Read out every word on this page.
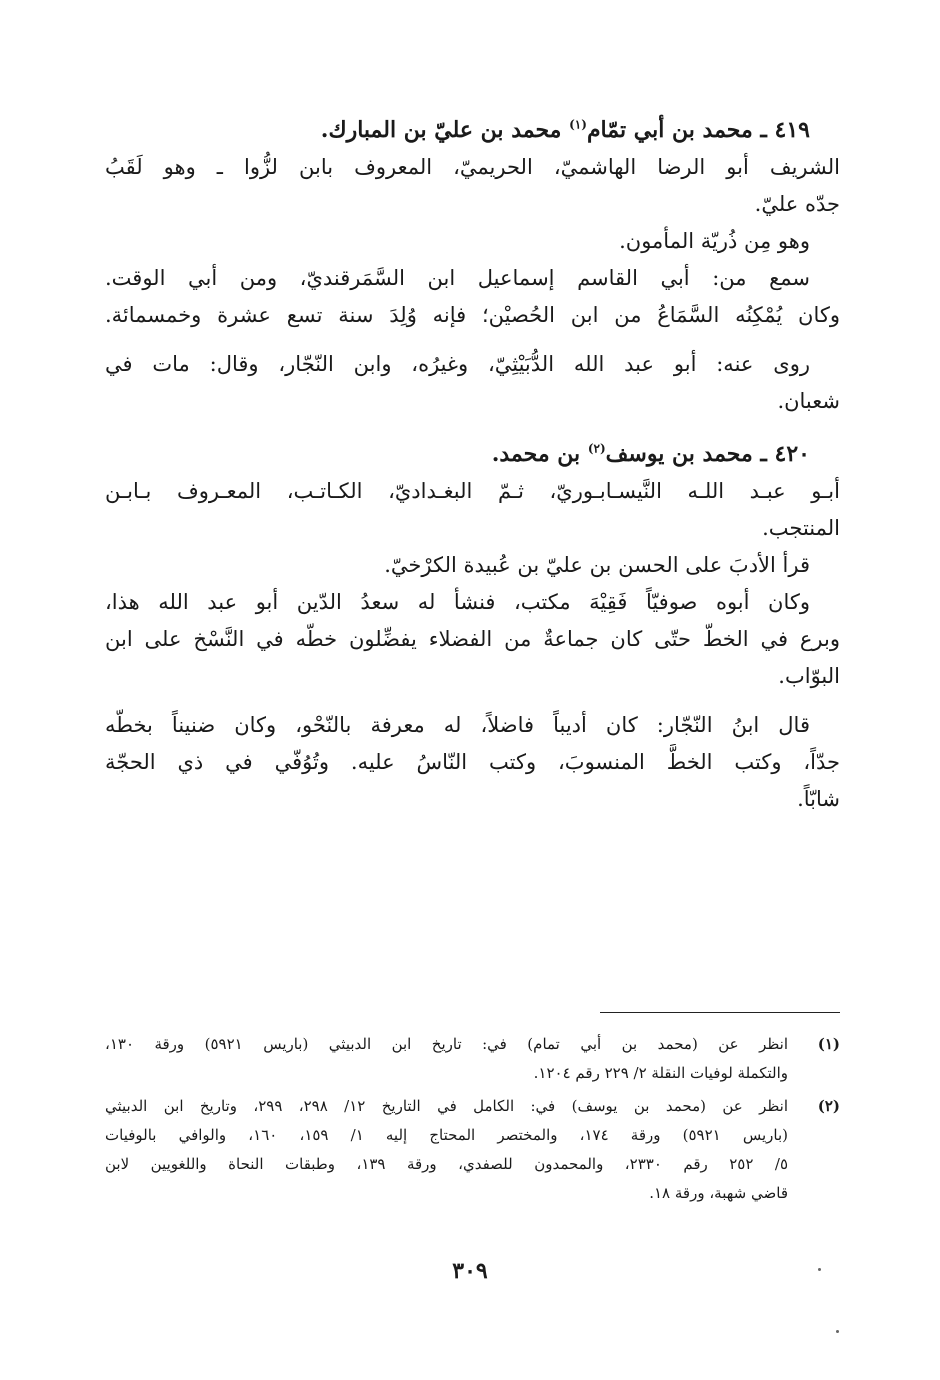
٤١٩ ـ محمد بن أبي تمّام$^{(١)}$ محمد بن عليّ بن المبارك.

الشريف أبو الرضا الهاشميّ، الحريميّ، المعروف بابن لزُّوا ـ وهو لَقَبُ

جدّه عليّ.

وهو مِن ذُريّة المأمون.

سمع من: أبي القاسم إسماعيل ابن السَّمَرقنديّ، ومن أبي الوقت.

وكان يُمْكِنُه السَّمَاعُ من ابن الحُصيْن؛ فإنه وُلِدَ سنة تسع عشرة وخمسمائة.

روى عنه: أبو عبد الله الدُّبَيْثِيّ، وغيرُه، وابن النّجّار، وقال: مات في

شعبان.

٤٢٠ ـ محمد بن يوسف$^{(٢)}$ بن محمد.

أبـو عبـد اللـه النَّيسـابـوريّ، ثـمّ البغـداديّ، الكـاتـب، المعـروف بـابـن

المنتجب.

قرأ الأدبَ على الحسن بن عليّ بن عُبيدة الكرْخيّ.

وكان أبوه صوفيّاً فَقِيْهَ مكتب، فنشأ له سعدُ الدّين أبو عبد الله هذا،

وبرع في الخطّ حتّى كان جماعةٌ من الفضلاء يفضِّلون خطّه في النَّسْخ على ابن

البوّاب.

قال ابنُ النّجّار: كان أديباً فاضلاً، له معرفة بالنّحْو، وكان ضنيناً بخطّه

جدّاً، وكتب الخطَّ المنسوبَ، وكتب النّاسُ عليه. وتُوُفّي في ذي الحجّة

شابّاً.

(١)

انظر عن (محمد بن أبي تمام) في: تاريخ ابن الدبيثي (باريس ٥٩٢١) ورقة ١٣٠،

والتكملة لوفيات النقلة ٢/ ٢٢٩ رقم ١٢٠٤.

(٢)

انظر عن (محمد بن يوسف) في: الكامل في التاريخ ١٢/ ٢٩٨، ٢٩٩، وتاريخ ابن الدبيثي

(باريس ٥٩٢١) ورقة ١٧٤، والمختصر المحتاج إليه ١/ ١٥٩، ١٦٠، والوافي بالوفيات

٥/ ٢٥٢ رقم ٢٣٣٠، والمحمدون للصفدي، ورقة ١٣٩، وطبقات النحاة واللغويين لابن

قاضي شهبة، ورقة ١٨.

٣٠٩
